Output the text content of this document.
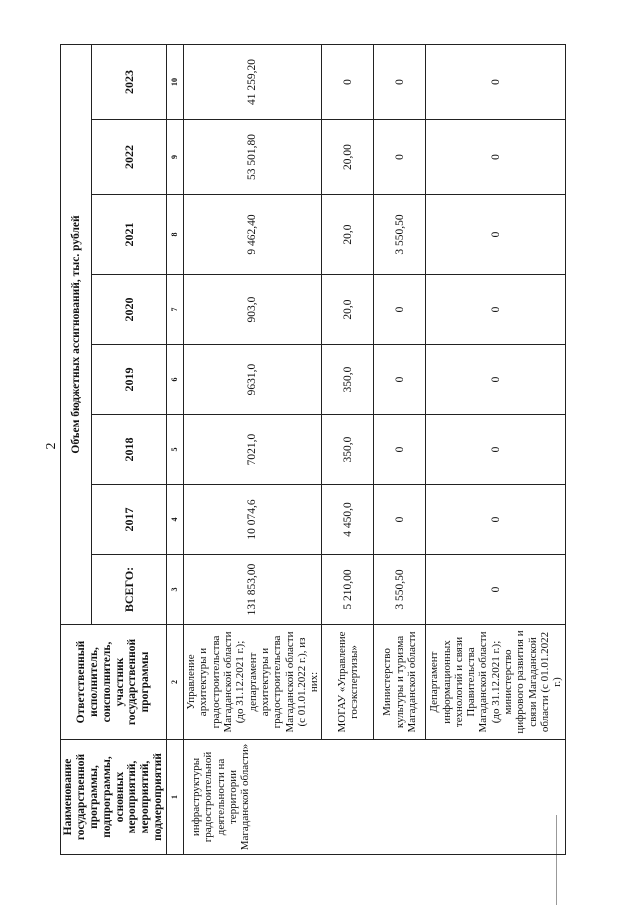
2
Наименование государственной программы, подпрограммы, основных мероприятий, мероприятий, подмероприятий	Ответственный исполнитель, соисполнитель, участник государственной программы	Объем бюджетных ассигнований, тыс. рублей							
		ВСЕГО:	2017	2018	2019	2020	2021	2022	2023
1	2	3	4	5	6	7	8	9	10
инфраструктуры градостроительной деятельности на территории Магаданской области»	Управление архитектуры и градостроительства Магаданской области (до 31.12.2021 г.); департамент архитектуры и градостроительства Магаданской области (с 01.01.2022 г.), из них:	131 853,00	10 074,6	7021,0	9631,0	903,0	9 462,40	53 501,80	41 259,20
	МОГАУ «Управление госэкспертизы»	5 210,00	4 450,0	350,0	350,0	20,0	20,0	20,00	0
	Министерство культуры и туризма Магаданской области	3 550,50	0	0	0	0	3 550,50	0	0
	Департамент информационных технологий и связи Правительства Магаданской области (до 31.12.2021 г.); министерство цифрового развития и связи Магаданской области (с 01.01.2022 г.)	0	0	0	0	0	0	0	0
